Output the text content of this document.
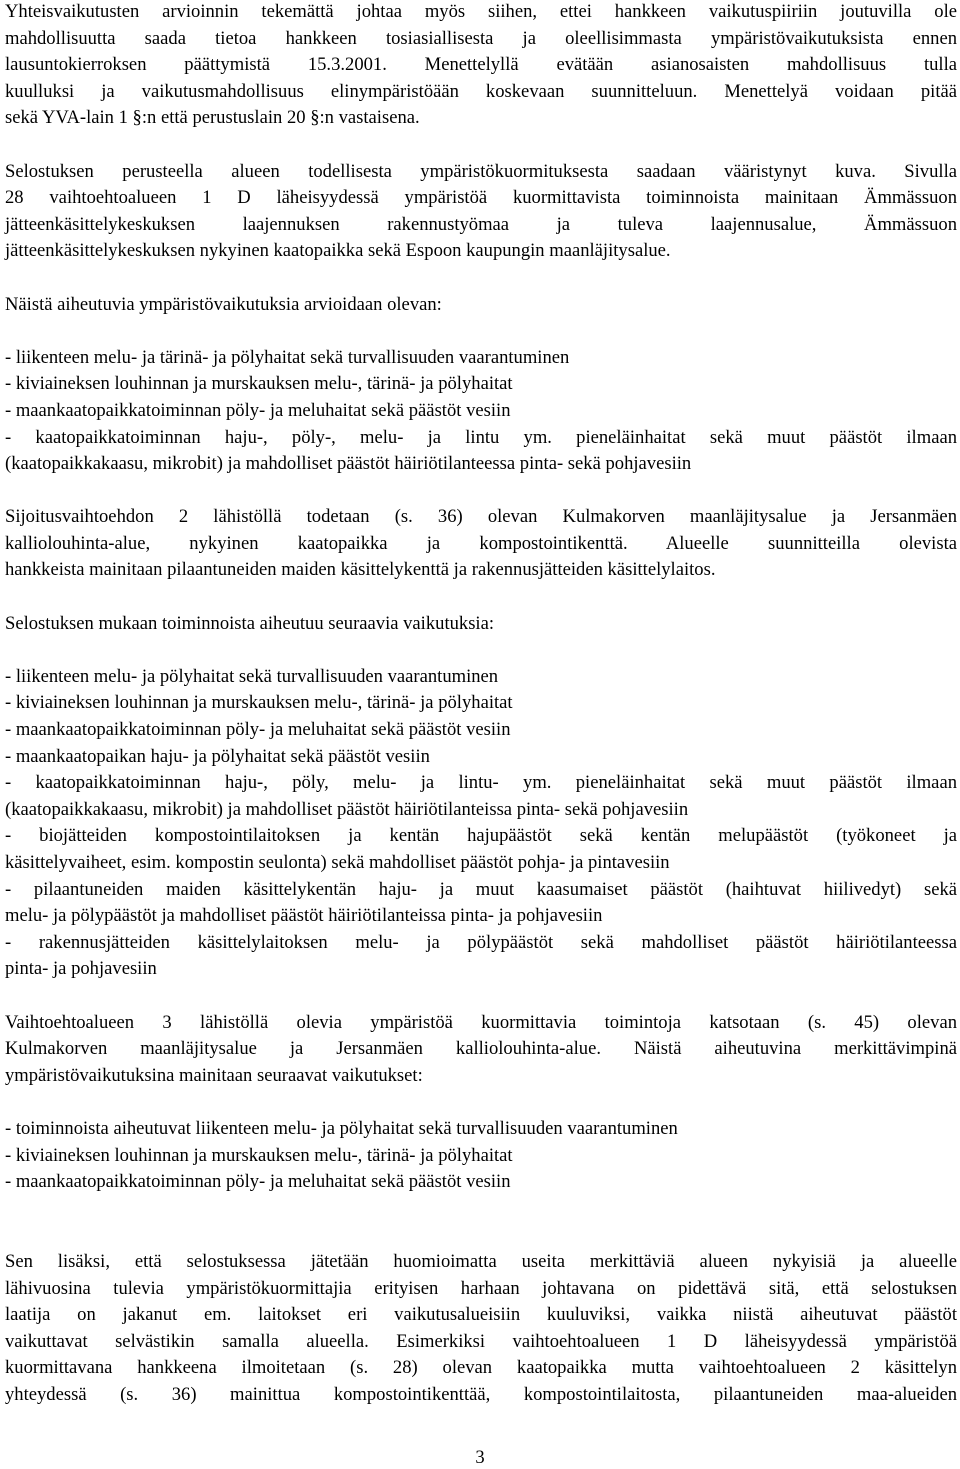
Yhteisvaikutusten arvioinnin tekemättä johtaa myös siihen, ettei hankkeen vaikutuspiiriin joutuvilla ole
mahdollisuutta saada tietoa hankkeen tosiasiallisesta ja oleellisimmasta ympäristövaikutuksista ennen
lausuntokierroksen päättymistä 15.3.2001. Menettelyllä evätään asianosaisten mahdollisuus tulla
kuulluksi ja vaikutusmahdollisuus elinympäristöään koskevaan suunnitteluun. Menettelyä voidaan pitää
sekä YVA-lain 1 §:n että perustuslain 20 §:n vastaisena.
Selostuksen perusteella alueen todellisesta ympäristökuormituksesta saadaan vääristynyt kuva. Sivulla
28 vaihtoehtoalueen 1 D läheisyydessä ympäristöä kuormittavista toiminnoista mainitaan Ämmässuon
jätteenkäsittelykeskuksen laajennuksen rakennustyömaa ja tuleva laajennusalue, Ämmässuon
jätteenkäsittelykeskuksen nykyinen kaatopaikka sekä Espoon kaupungin maanläjitysalue.
Näistä aiheutuvia ympäristövaikutuksia arvioidaan olevan:
- liikenteen melu- ja tärinä- ja pölyhaitat sekä turvallisuuden vaarantuminen
- kiviaineksen louhinnan ja murskauksen melu-, tärinä- ja pölyhaitat
- maankaatopaikkatoiminnan pöly- ja meluhaitat sekä päästöt vesiin
- kaatopaikkatoiminnan haju-, pöly-, melu- ja lintu ym. pieneläinhaitat sekä muut päästöt ilmaan
(kaatopaikkakaasu, mikrobit) ja mahdolliset päästöt häiriötilanteessa pinta- sekä pohjavesiin
Sijoitusvaihtoehdon 2 lähistöllä todetaan (s. 36) olevan Kulmakorven maanläjitysalue ja Jersanmäen
kalliolouhinta-alue, nykyinen kaatopaikka ja kompostointikenttä. Alueelle suunnitteilla olevista
hankkeista mainitaan pilaantuneiden maiden käsittelykenttä ja rakennusjätteiden käsittelylaitos.
Selostuksen mukaan toiminnoista aiheutuu seuraavia vaikutuksia:
- liikenteen melu- ja pölyhaitat sekä turvallisuuden vaarantuminen
- kiviaineksen louhinnan ja murskauksen melu-, tärinä- ja pölyhaitat
- maankaatopaikkatoiminnan pöly- ja meluhaitat sekä päästöt vesiin
- maankaatopaikan haju- ja pölyhaitat sekä päästöt vesiin
- kaatopaikkatoiminnan haju-, pöly, melu- ja lintu- ym. pieneläinhaitat sekä muut päästöt ilmaan
(kaatopaikkakaasu, mikrobit) ja mahdolliset päästöt häiriötilanteissa pinta- sekä pohjavesiin
- biojätteiden kompostointilaitoksen ja kentän hajupäästöt sekä kentän melupäästöt (työkoneet ja
käsittelyvaiheet, esim. kompostin seulonta) sekä mahdolliset päästöt pohja- ja pintavesiin
- pilaantuneiden maiden käsittelykentän haju- ja muut kaasumaiset päästöt (haihtuvat hiilivedyt) sekä
melu- ja pölypäästöt ja mahdolliset päästöt häiriötilanteissa pinta- ja pohjavesiin
- rakennusjätteiden käsittelylaitoksen melu- ja pölypäästöt sekä mahdolliset päästöt häiriötilanteessa
pinta- ja pohjavesiin
Vaihtoehtoalueen 3 lähistöllä olevia ympäristöä kuormittavia toimintoja katsotaan (s. 45) olevan
Kulmakorven maanläjitysalue ja Jersanmäen kalliolouhinta-alue. Näistä aiheutuvina merkittävimpinä
ympäristövaikutuksina mainitaan seuraavat vaikutukset:
- toiminnoista aiheutuvat liikenteen melu- ja pölyhaitat sekä turvallisuuden vaarantuminen
- kiviaineksen louhinnan ja murskauksen melu-, tärinä- ja pölyhaitat
- maankaatopaikkatoiminnan pöly- ja meluhaitat sekä päästöt vesiin
Sen lisäksi, että selostuksessa jätetään huomioimatta useita merkittäviä alueen nykyisiä ja alueelle
lähivuosina tulevia ympäristökuormittajia erityisen harhaan johtavana on pidettävä sitä, että selostuksen
laatija on jakanut em. laitokset eri vaikutusalueisiin kuuluviksi, vaikka niistä aiheutuvat päästöt
vaikuttavat selvästikin samalla alueella. Esimerkiksi vaihtoehtoalueen 1 D läheisyydessä ympäristöä
kuormittavana hankkeena ilmoitetaan (s. 28) olevan kaatopaikka mutta vaihtoehtoalueen 2 käsittelyn
yhteydessä (s. 36) mainittua kompostointikenttää, kompostointilaitosta, pilaantuneiden maa-alueiden
3
